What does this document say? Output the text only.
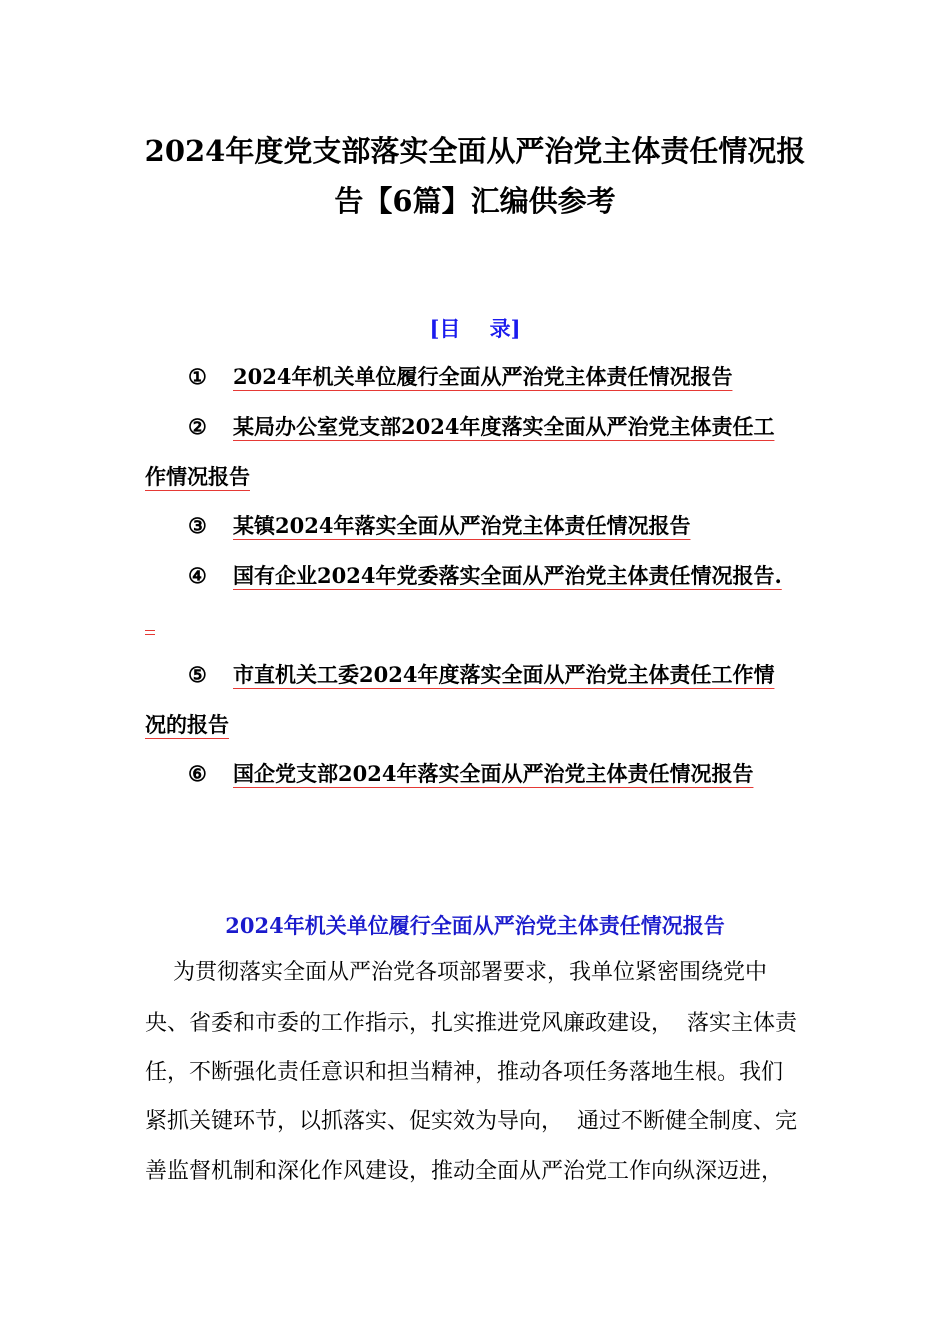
2024年度党支部落实全面从严治党主体责任情况报
告【6篇】汇编供参考
[目    录]
① 2024年机关单位履行全面从严治党主体责任情况报告
② 某局办公室党支部2024年度落实全面从严治党主体责任工
作情况报告
③ 某镇2024年落实全面从严治党主体责任情况报告
④ 国有企业2024年党委落实全面从严治党主体责任情况报告.
⑤ 市直机关工委2024年度落实全面从严治党主体责任工作情
况的报告
⑥ 国企党支部2024年落实全面从严治党主体责任情况报告
2024年机关单位履行全面从严治党主体责任情况报告
为贯彻落实全面从严治党各项部署要求，我单位紧密围绕党中
央、省委和市委的工作指示，扎实推进党风廉政建设，  落实主体责
任，不断强化责任意识和担当精神，推动各项任务落地生根。我们
紧抓关键环节，以抓落实、促实效为导向，  通过不断健全制度、完
善监督机制和深化作风建设，推动全面从严治党工作向纵深迈进，
